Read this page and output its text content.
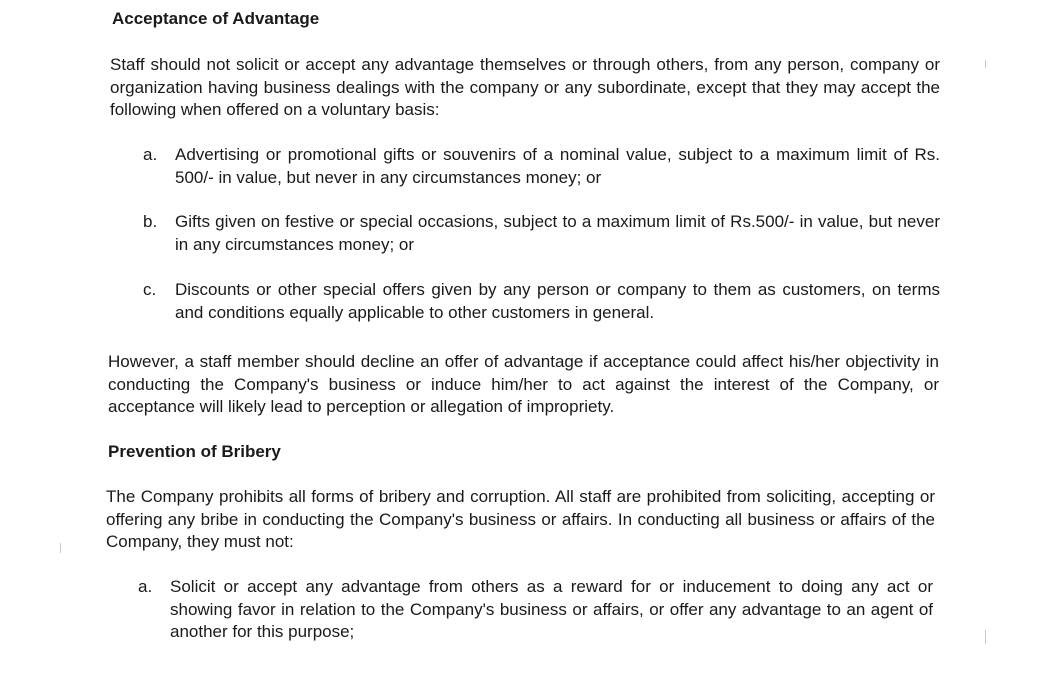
Acceptance of Advantage
Staff should not solicit or accept any advantage themselves or through others, from any person, company or organization having business dealings with the company or any subordinate, except that they may accept the following when offered on a voluntary basis:
a.	Advertising or promotional gifts or souvenirs of a nominal value, subject to a maximum limit of Rs. 500/- in value, but never in any circumstances money; or
b.	Gifts given on festive or special occasions, subject to a maximum limit of Rs.500/- in value, but never in any circumstances money; or
c.	Discounts or other special offers given by any person or company to them as customers, on terms and conditions equally applicable to other customers in general.
However, a staff member should decline an offer of advantage if acceptance could affect his/her objectivity in conducting the Company's business or induce him/her to act against the interest of the Company, or acceptance will likely lead to perception or allegation of impropriety.
Prevention of Bribery
The Company prohibits all forms of bribery and corruption. All staff are prohibited from soliciting, accepting or offering any bribe in conducting the Company's business or affairs. In conducting all business or affairs of the Company, they must not:
a.	Solicit or accept any advantage from others as a reward for or inducement to doing any act or showing favor in relation to the Company's business or affairs, or offer any advantage to an agent of another for this purpose;
